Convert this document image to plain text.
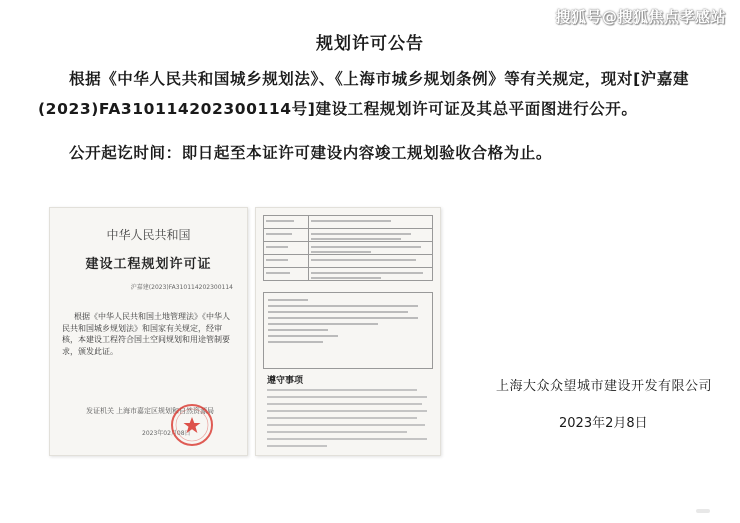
搜狐号@搜狐焦点孝感站
规划许可公告
根据《中华人民共和国城乡规划法》、《上海市城乡规划条例》等有关规定，现对[沪嘉建(2023)FA310114202300114号]建设工程规划许可证及其总平面图进行公开。
公开起讫时间：即日起至本证许可建设内容竣工规划验收合格为止。
中华人民共和国
建设工程规划许可证
沪嘉建(2023)FA310114202300114
根据《中华人民共和国土地管理法》《中华人民共和国城乡规划法》和国家有关规定，经审核，本建设工程符合国土空间规划和用途管制要求，颁发此证。
发证机关 上海市嘉定区规划和自然资源局
2023年02月08日

遵守事项	上海大众众望城市建设开发有限公司
2023年2月8日
